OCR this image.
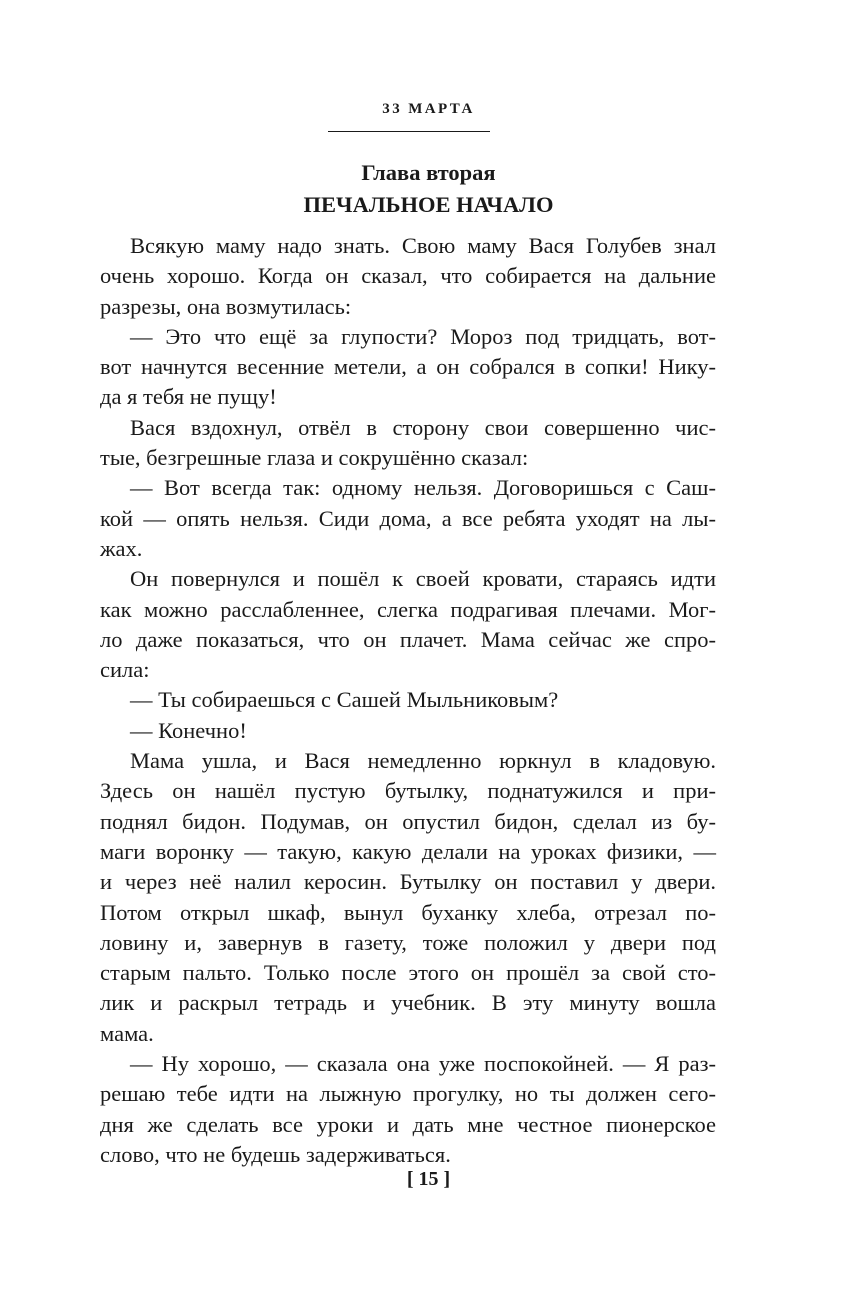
33 МАРТА
Глава вторая
ПЕЧАЛЬНОЕ НАЧАЛО
Всякую маму надо знать. Свою маму Вася Голубев знал
очень хорошо. Когда он сказал, что собирается на дальние
разрезы, она возмутилась:
— Это что ещё за глупости? Мороз под тридцать, вот-
вот начнутся весенние метели, а он собрался в сопки! Нику-
да я тебя не пущу!
Вася вздохнул, отвёл в сторону свои совершенно чис-
тые, безгрешные глаза и сокрушённо сказал:
— Вот всегда так: одному нельзя. Договоришься с Саш-
кой — опять нельзя. Сиди дома, а все ребята уходят на лы-
жах.
Он повернулся и пошёл к своей кровати, стараясь идти
как можно расслабленнее, слегка подрагивая плечами. Мог-
ло даже показаться, что он плачет. Мама сейчас же спро-
сила:
— Ты собираешься с Сашей Мыльниковым?
— Конечно!
Мама ушла, и Вася немедленно юркнул в кладовую.
Здесь он нашёл пустую бутылку, поднатужился и при-
поднял бидон. Подумав, он опустил бидон, сделал из бу-
маги воронку — такую, какую делали на уроках физики, —
и через неё налил керосин. Бутылку он поставил у двери.
Потом открыл шкаф, вынул буханку хлеба, отрезал по-
ловину и, завернув в газету, тоже положил у двери под
старым пальто. Только после этого он прошёл за свой сто-
лик и раскрыл тетрадь и учебник. В эту минуту вошла
мама.
— Ну хорошо, — сказала она уже поспокойней. — Я раз-
решаю тебе идти на лыжную прогулку, но ты должен сего-
дня же сделать все уроки и дать мне честное пионерское
слово, что не будешь задерживаться.
[ 15 ]
